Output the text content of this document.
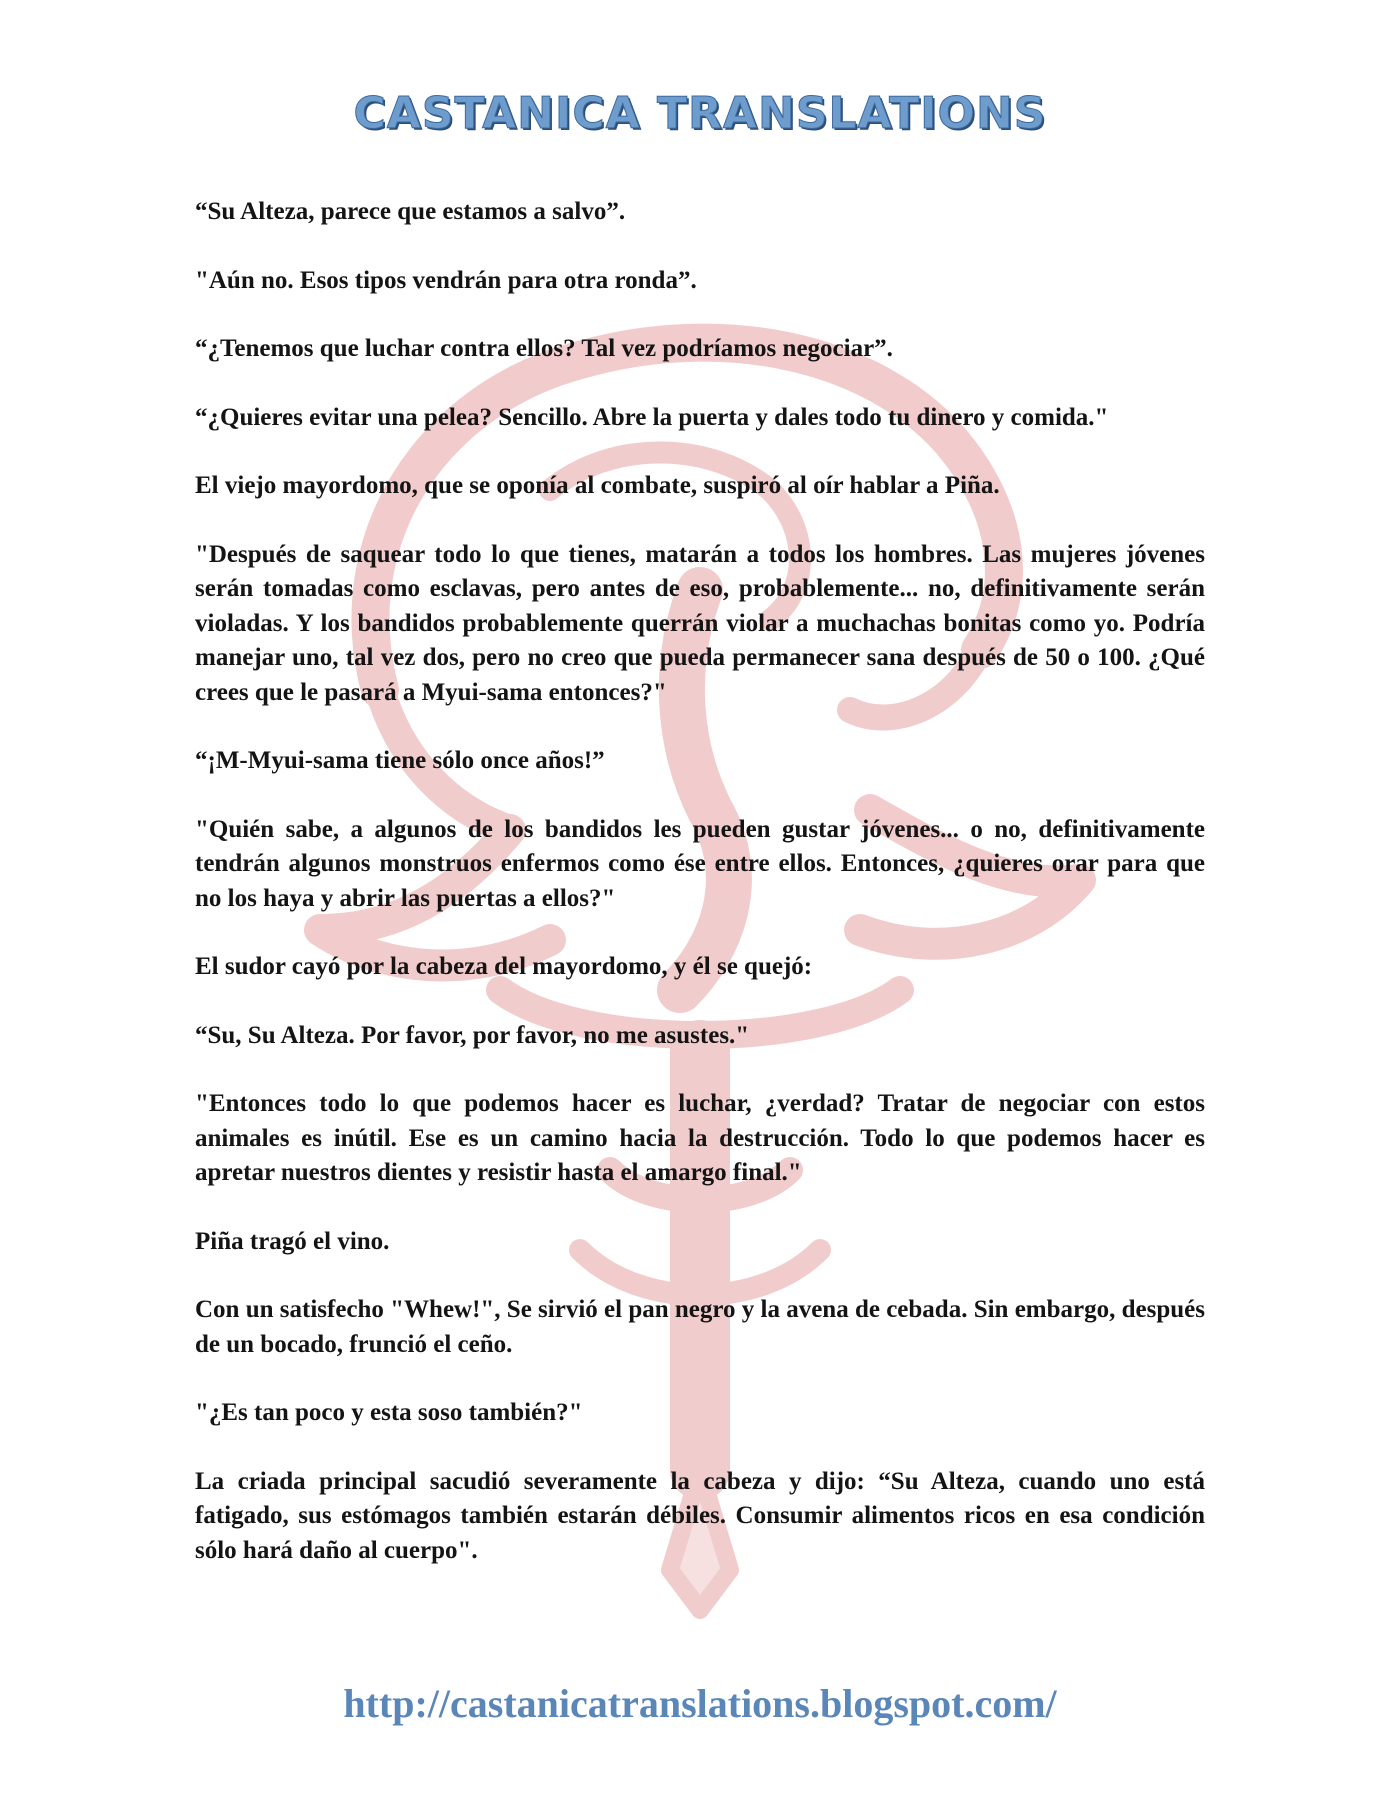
CASTANICA TRANSLATIONS

“Su Alteza, parece que estamos a salvo”.

"Aún no. Esos tipos vendrán para otra ronda”.

“¿Tenemos que luchar contra ellos? Tal vez podríamos negociar”.

“¿Quieres evitar una pelea? Sencillo. Abre la puerta y dales todo tu dinero y comida."

El viejo mayordomo, que se oponía al combate, suspiró al oír hablar a Piña.

"Después de saquear todo lo que tienes, matarán a todos los hombres. Las mujeres jóvenes serán tomadas como esclavas, pero antes de eso, probablemente... no, definitivamente serán violadas. Y los bandidos probablemente querrán violar a muchachas bonitas como yo. Podría manejar uno, tal vez dos, pero no creo que pueda permanecer sana después de 50 o 100. ¿Qué crees que le pasará a Myui-sama entonces?"

“¡M-Myui-sama tiene sólo once años!”

"Quién sabe, a algunos de los bandidos les pueden gustar jóvenes... o no, definitivamente tendrán algunos monstruos enfermos como ése entre ellos. Entonces, ¿quieres orar para que no los haya y abrir las puertas a ellos?"

El sudor cayó por la cabeza del mayordomo, y él se quejó:

“Su, Su Alteza. Por favor, por favor, no me asustes."

"Entonces todo lo que podemos hacer es luchar, ¿verdad? Tratar de negociar con estos animales es inútil. Ese es un camino hacia la destrucción. Todo lo que podemos hacer es apretar nuestros dientes y resistir hasta el amargo final."

Piña tragó el vino.

Con un satisfecho "Whew!", Se sirvió el pan negro y la avena de cebada. Sin embargo, después de un bocado, frunció el ceño.

"¿Es tan poco y esta soso también?"

La criada principal sacudió severamente la cabeza y dijo: “Su Alteza, cuando uno está fatigado, sus estómagos también estarán débiles. Consumir alimentos ricos en esa condición sólo hará daño al cuerpo".

http://castanicatranslations.blogspot.com/
